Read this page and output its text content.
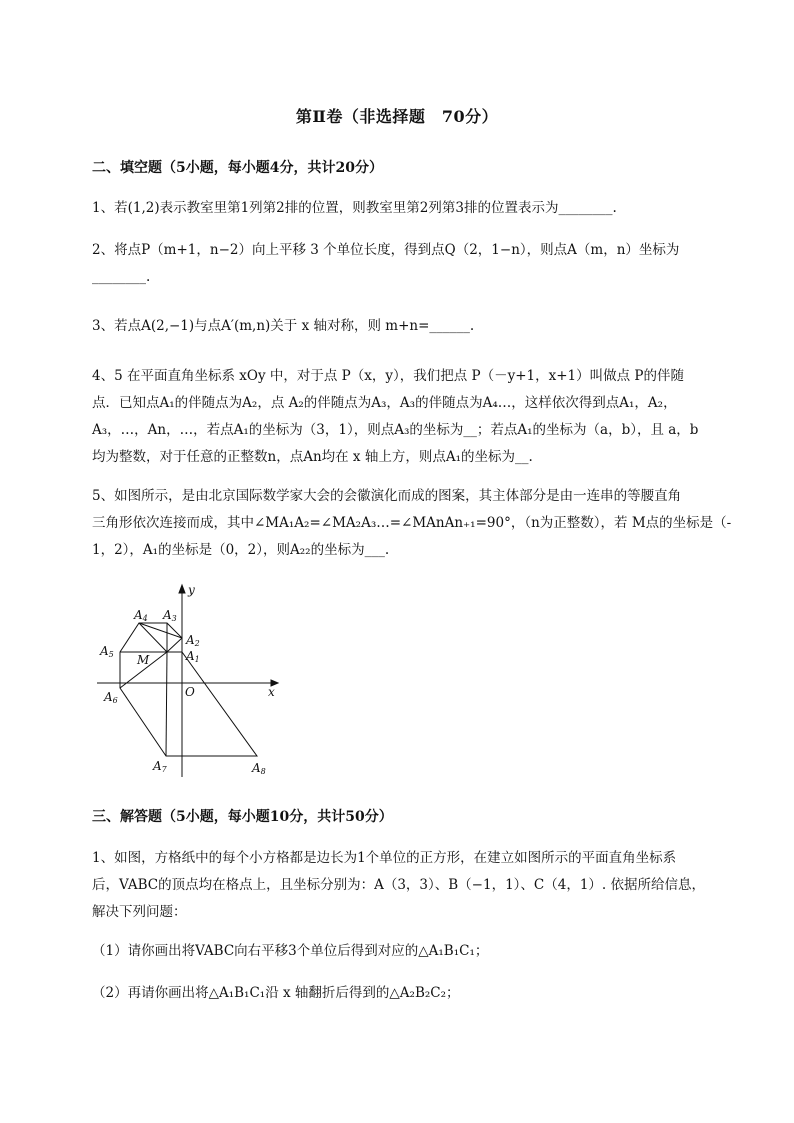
第Ⅱ卷（非选择题　70分）
二、填空题（5小题，每小题4分，共计20分）
1、若(1,2)表示教室里第1列第2排的位置，则教室里第2列第3排的位置表示为________.
2、将点P（m+1，n−2）向上平移 3 个单位长度，得到点Q（2，1−n），则点A（m，n）坐标为
________.
3、若点A(2,−1)与点A′(m,n)关于 x 轴对称，则 m+n=______.
4、5 在平面直角坐标系 xOy 中，对于点 P（x，y），我们把点 P（－y+1，x+1）叫做点 P的伴随
点．已知点A₁的伴随点为A₂，点 A₂的伴随点为A₃，A₃的伴随点为A₄…，这样依次得到点A₁，A₂，
A₃，…，An，…，若点A₁的坐标为（3，1），则点A₃的坐标为__；若点A₁的坐标为（a，b），且 a，b
均为整数，对于任意的正整数n，点An均在 x 轴上方，则点A₁的坐标为__.
5、如图所示，是由北京国际数学家大会的会徽演化而成的图案，其主体部分是由一连串的等腰直角
三角形依次连接而成，其中∠MA₁A₂=∠MA₂A₃…=∠MAnAn₊₁=90°，（n为正整数），若 M点的坐标是（-
1，2），A₁的坐标是（0，2），则A₂₂的坐标为___.
y
x
O
M	A1
A2
A3
A4
A5
A6
A7	A8
三、解答题（5小题，每小题10分，共计50分）
1、如图，方格纸中的每个小方格都是边长为1个单位的正方形，在建立如图所示的平面直角坐标系
后，VABC的顶点均在格点上，且坐标分别为：A（3，3）、B（−1，1）、C（4，1）. 依据所给信息，
解决下列问题：
（1）请你画出将VABC向右平移3个单位后得到对应的△A₁B₁C₁；
（2）再请你画出将△A₁B₁C₁沿 x 轴翻折后得到的△A₂B₂C₂；
